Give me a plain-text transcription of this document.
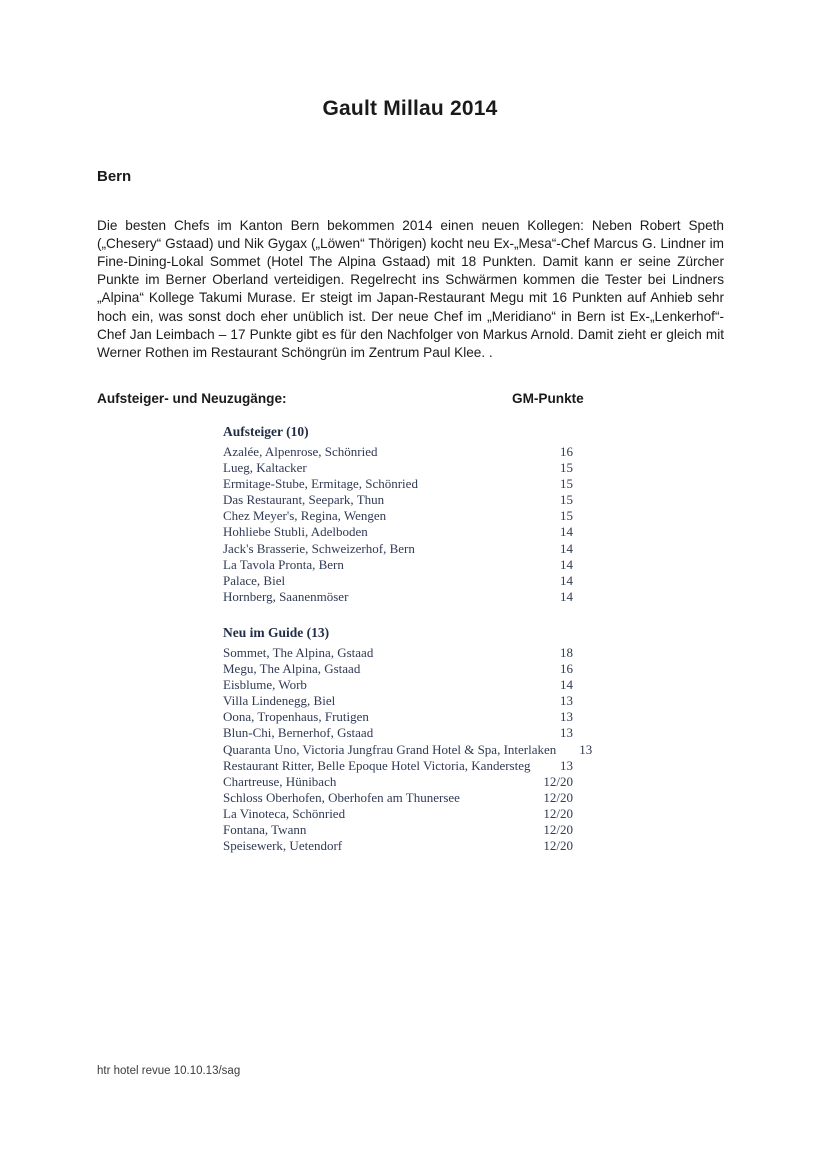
Gault Millau 2014
Bern

Die besten Chefs im Kanton Bern bekommen 2014 einen neuen Kollegen: Neben Robert Speth („Chesery“ Gstaad) und Nik Gygax („Löwen“ Thörigen) kocht neu Ex-„Mesa“-Chef Marcus G. Lindner im Fine-Dining-Lokal Sommet (Hotel The Alpina Gstaad) mit 18 Punkten. Damit kann er seine Zürcher Punkte im Berner Oberland verteidigen. Regelrecht ins Schwärmen kommen die Tester bei Lindners „Alpina“ Kollege Takumi Murase. Er steigt im Japan-Restaurant Megu mit 16 Punkten auf Anhieb sehr hoch ein, was sonst doch eher unüblich ist. Der neue Chef im „Meridiano“ in Bern ist Ex-„Lenkerhof“-Chef Jan Leimbach – 17 Punkte gibt es für den Nachfolger von Markus Arnold. Damit zieht er gleich mit Werner Rothen im Restaurant Schöngrün im Zentrum Paul Klee. .

Aufsteiger- und Neuzugänge:	GM-Punkte
Aufsteiger (10)
Azalée, Alpenrose, Schönried	16
Lueg, Kaltacker	15
Ermitage-Stube, Ermitage, Schönried	15
Das Restaurant, Seepark, Thun	15
Chez Meyer's, Regina, Wengen	15
Hohliebe Stubli, Adelboden	14
Jack's Brasserie, Schweizerhof, Bern	14
La Tavola Pronta, Bern	14
Palace, Biel	14
Hornberg, Saanenmöser	14
Neu im Guide (13)
Sommet, The Alpina, Gstaad	18
Megu, The Alpina, Gstaad	16
Eisblume, Worb	14
Villa Lindenegg, Biel	13
Oona, Tropenhaus, Frutigen	13
Blun-Chi, Bernerhof, Gstaad	13
Quaranta Uno, Victoria Jungfrau Grand Hotel & Spa, Interlaken	13
Restaurant Ritter, Belle Epoque Hotel Victoria, Kandersteg	13
Chartreuse, Hünibach	12/20
Schloss Oberhofen, Oberhofen am Thunersee	12/20
La Vinoteca, Schönried	12/20
Fontana, Twann	12/20
Speisewerk, Uetendorf	12/20
htr hotel revue 10.10.13/sag
